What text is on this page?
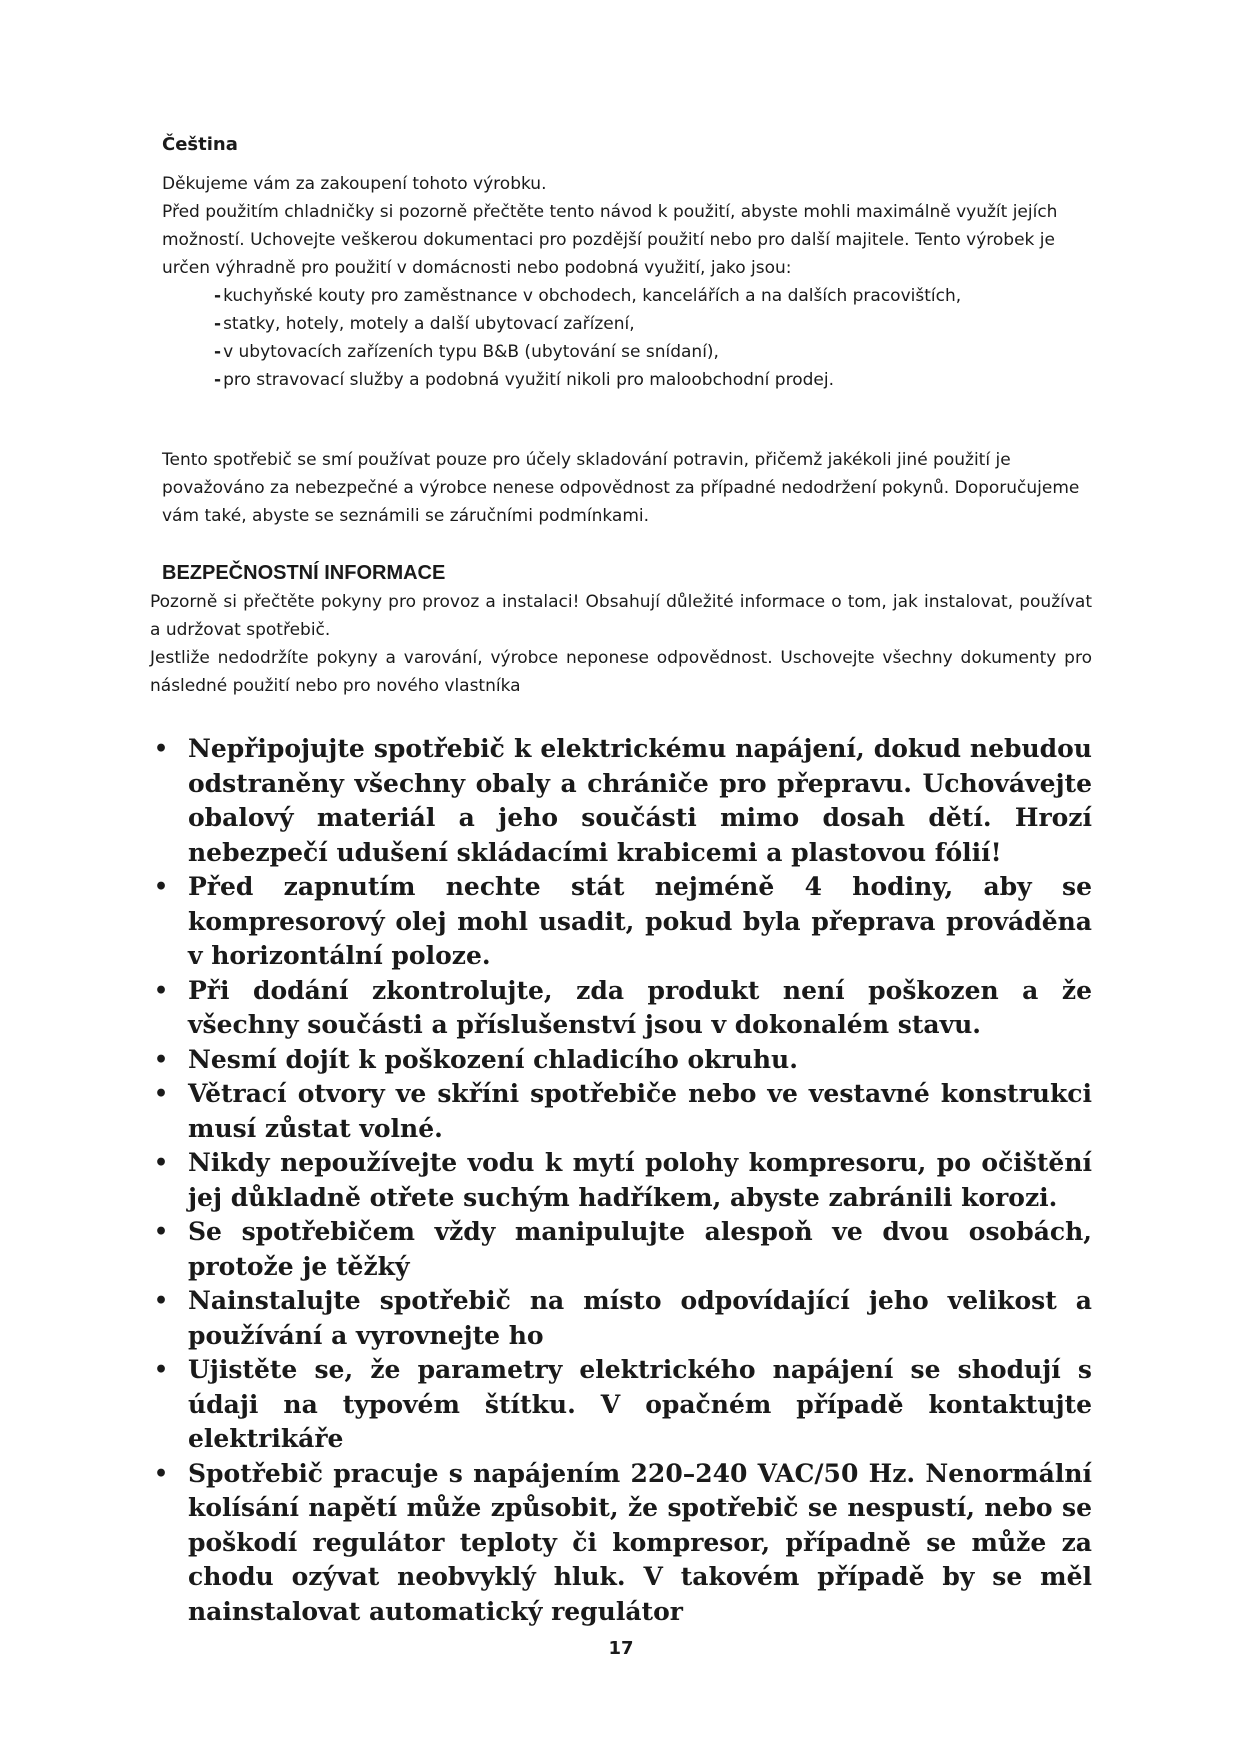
Čeština

Děkujeme vám za zakoupení tohoto výrobku.

Před použitím chladničky si pozorně přečtěte tento návod k použití, abyste mohli maximálně využít jejích možností. Uchovejte veškerou dokumentaci pro pozdější použití nebo pro další majitele. Tento výrobek je určen výhradně pro použití v domácnosti nebo podobná využití, jako jsou:

- kuchyňské kouty pro zaměstnance v obchodech, kancelářích a na dalších pracovištích,
- statky, hotely, motely a další ubytovací zařízení,
- v ubytovacích zařízeních typu B&B (ubytování se snídaní),
- pro stravovací služby a podobná využití nikoli pro maloobchodní prodej.

Tento spotřebič se smí používat pouze pro účely skladování potravin, přičemž jakékoli jiné použití je považováno za nebezpečné a výrobce nenese odpovědnost za případné nedodržení pokynů. Doporučujeme vám také, abyste se seznámili se záručními podmínkami.

BEZPEČNOSTNÍ INFORMACE

Pozorně si přečtěte pokyny pro provoz a instalaci! Obsahují důležité informace o tom, jak instalovat, používat a udržovat spotřebič.

Jestliže nedodržíte pokyny a varování, výrobce neponese odpovědnost. Uschovejte všechny dokumenty pro následné použití nebo pro nového vlastníka

• Nepřipojujte spotřebič k elektrickému napájení, dokud nebudou odstraněny všechny obaly a chrániče pro přepravu. Uchovávejte obalový materiál a jeho součásti mimo dosah dětí. Hrozí nebezpečí udušení skládacími krabicemi a plastovou fólií!
• Před zapnutím nechte stát nejméně 4 hodiny, aby se kompresorový olej mohl usadit, pokud byla přeprava prováděna v horizontální poloze.
• Při dodání zkontrolujte, zda produkt není poškozen a že všechny součásti a příslušenství jsou v dokonalém stavu.
• Nesmí dojít k poškození chladicího okruhu.
• Větrací otvory ve skříni spotřebiče nebo ve vestavné konstrukci musí zůstat volné.
• Nikdy nepoužívejte vodu k mytí polohy kompresoru, po očištění jej důkladně otřete suchým hadříkem, abyste zabránili korozi.
• Se spotřebičem vždy manipulujte alespoň ve dvou osobách, protože je těžký
• Nainstalujte spotřebič na místo odpovídající jeho velikost a používání a vyrovnejte ho
• Ujistěte se, že parametry elektrického napájení se shodují s údaji na typovém štítku. V opačném případě kontaktujte elektrikáře
• Spotřebič pracuje s napájením 220–240 VAC/50 Hz. Nenormální kolísání napětí může způsobit, že spotřebič se nespustí, nebo se poškodí regulátor teploty či kompresor, případně se může za chodu ozývat neobvyklý hluk. V takovém případě by se měl nainstalovat automatický regulátor

17
